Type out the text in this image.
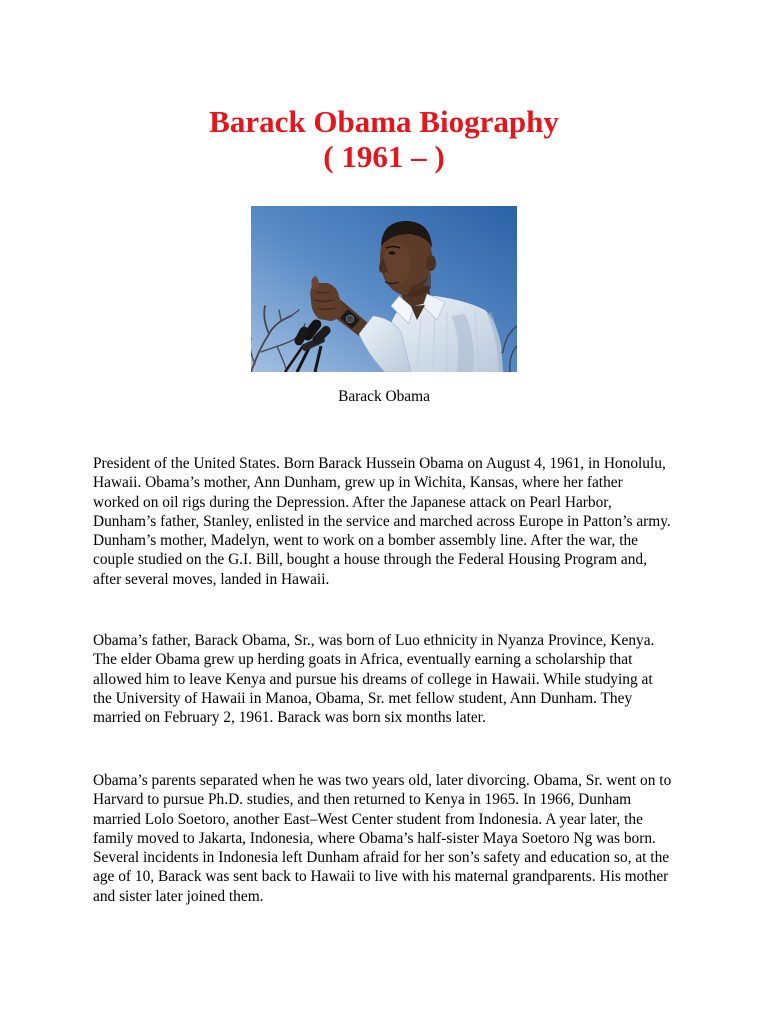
Barack Obama Biography
( 1961 – )
Barack Obama
President of the United States. Born Barack Hussein Obama on August 4, 1961, in Honolulu,
Hawaii. Obama’s mother, Ann Dunham, grew up in Wichita, Kansas, where her father
worked on oil rigs during the Depression. After the Japanese attack on Pearl Harbor,
Dunham’s father, Stanley, enlisted in the service and marched across Europe in Patton’s army.
Dunham’s mother, Madelyn, went to work on a bomber assembly line. After the war, the
couple studied on the G.I. Bill, bought a house through the Federal Housing Program and,
after several moves, landed in Hawaii.
Obama’s father, Barack Obama, Sr., was born of Luo ethnicity in Nyanza Province, Kenya.
The elder Obama grew up herding goats in Africa, eventually earning a scholarship that
allowed him to leave Kenya and pursue his dreams of college in Hawaii. While studying at
the University of Hawaii in Manoa, Obama, Sr. met fellow student, Ann Dunham. They
married on February 2, 1961. Barack was born six months later.
Obama’s parents separated when he was two years old, later divorcing. Obama, Sr. went on to
Harvard to pursue Ph.D. studies, and then returned to Kenya in 1965. In 1966, Dunham
married Lolo Soetoro, another East–West Center student from Indonesia. A year later, the
family moved to Jakarta, Indonesia, where Obama’s half-sister Maya Soetoro Ng was born.
Several incidents in Indonesia left Dunham afraid for her son’s safety and education so, at the
age of 10, Barack was sent back to Hawaii to live with his maternal grandparents. His mother
and sister later joined them.
